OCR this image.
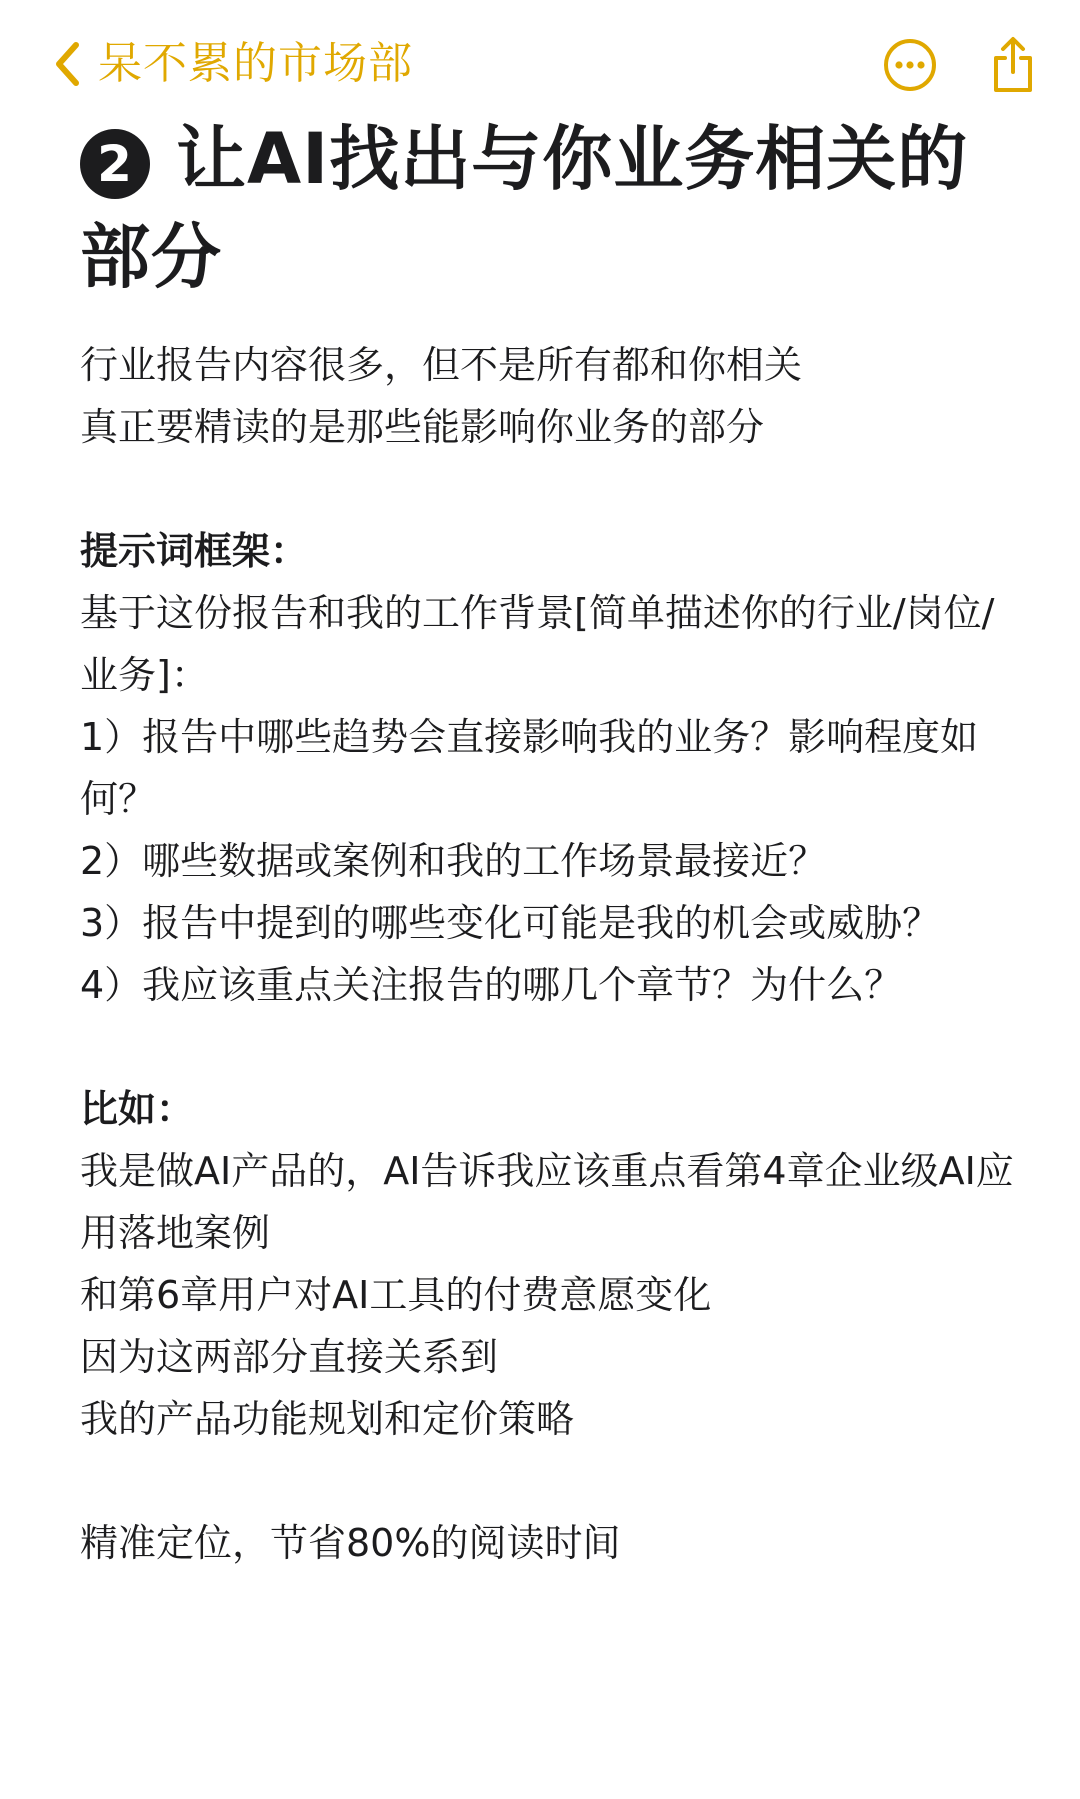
呆不累的市场部
2 让AI找出与你业务相关的部分
行业报告内容很多，但不是所有都和你相关
真正要精读的是那些能影响你业务的部分
提示词框架：
基于这份报告和我的工作背景[简单描述你的行业/岗位/业务]：
1）报告中哪些趋势会直接影响我的业务？影响程度如何？
2）哪些数据或案例和我的工作场景最接近？
3）报告中提到的哪些变化可能是我的机会或威胁？
4）我应该重点关注报告的哪几个章节？为什么？
比如：
我是做AI产品的，AI告诉我应该重点看第4章企业级AI应用落地案例
和第6章用户对AI工具的付费意愿变化
因为这两部分直接关系到
我的产品功能规划和定价策略
精准定位，节省80%的阅读时间
